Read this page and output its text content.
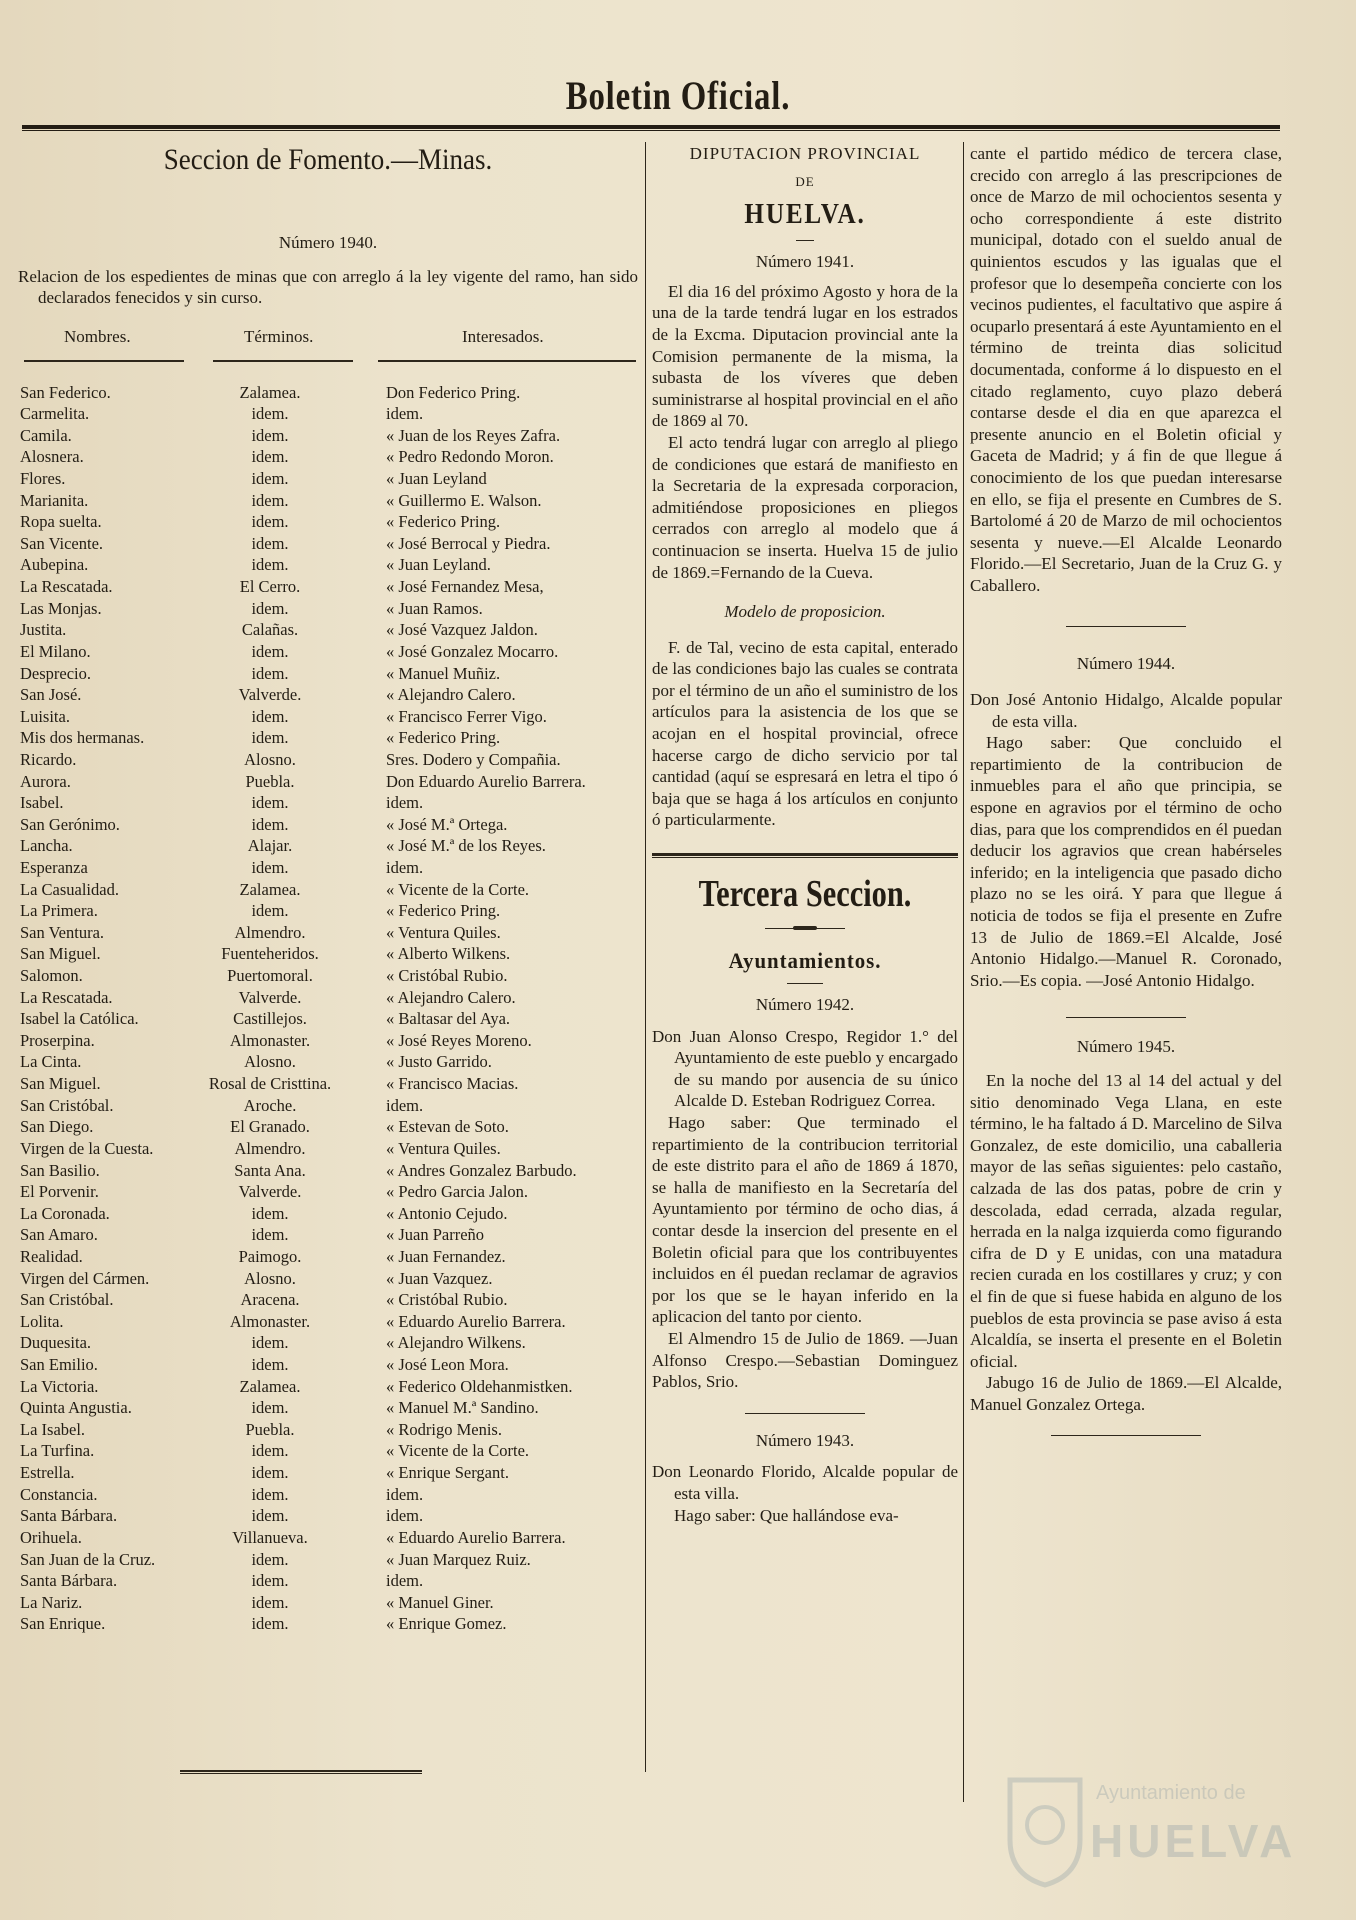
Boletin Oficial.
Seccion de Fomento.—Minas.
Número 1940.
Relacion de los espedientes de minas que con arreglo á la ley vigente del ramo, han sido declarados fenecidos y sin curso.
Nombres.	Términos.	Interesados.
San Federico.	Zalamea.	Don Federico Pring.
Carmelita.	idem.	idem.
Camila.	idem.	« Juan de los Reyes Zafra.
Alosnera.	idem.	« Pedro Redondo Moron.
Flores.	idem.	« Juan Leyland
Marianita.	idem.	« Guillermo E. Walson.
Ropa suelta.	idem.	« Federico Pring.
San Vicente.	idem.	« José Berrocal y Piedra.
Aubepina.	idem.	« Juan Leyland.
La Rescatada.	El Cerro.	« José Fernandez Mesa,
Las Monjas.	idem.	« Juan Ramos.
Justita.	Calañas.	« José Vazquez Jaldon.
El Milano.	idem.	« José Gonzalez Mocarro.
Desprecio.	idem.	« Manuel Muñiz.
San José.	Valverde.	« Alejandro Calero.
Luisita.	idem.	« Francisco Ferrer Vigo.
Mis dos hermanas.	idem.	« Federico Pring.
Ricardo.	Alosno.	Sres. Dodero y Compañia.
Aurora.	Puebla.	Don Eduardo Aurelio Barrera.
Isabel.	idem.	idem.
San Gerónimo.	idem.	« José M.ª Ortega.
Lancha.	Alajar.	« José M.ª de los Reyes.
Esperanza	idem.	idem.
La Casualidad.	Zalamea.	« Vicente de la Corte.
La Primera.	idem.	« Federico Pring.
San Ventura.	Almendro.	« Ventura Quiles.
San Miguel.	Fuenteheridos.	« Alberto Wilkens.
Salomon.	Puertomoral.	« Cristóbal Rubio.
La Rescatada.	Valverde.	« Alejandro Calero.
Isabel la Católica.	Castillejos.	« Baltasar del Aya.
Proserpina.	Almonaster.	« José Reyes Moreno.
La Cinta.	Alosno.	« Justo Garrido.
San Miguel.	Rosal de Cristtina.	« Francisco Macias.
San Cristóbal.	Aroche.	idem.
San Diego.	El Granado.	« Estevan de Soto.
Virgen de la Cuesta.	Almendro.	« Ventura Quiles.
San Basilio.	Santa Ana.	« Andres Gonzalez Barbudo.
El Porvenir.	Valverde.	« Pedro Garcia Jalon.
La Coronada.	idem.	« Antonio Cejudo.
San Amaro.	idem.	« Juan Parreño
Realidad.	Paimogo.	« Juan Fernandez.
Virgen del Cármen.	Alosno.	« Juan Vazquez.
San Cristóbal.	Aracena.	« Cristóbal Rubio.
Lolita.	Almonaster.	« Eduardo Aurelio Barrera.
Duquesita.	idem.	« Alejandro Wilkens.
San Emilio.	idem.	« José Leon Mora.
La Victoria.	Zalamea.	« Federico Oldehanmistken.
Quinta Angustia.	idem.	« Manuel M.ª Sandino.
La Isabel.	Puebla.	« Rodrigo Menis.
La Turfina.	idem.	« Vicente de la Corte.
Estrella.	idem.	« Enrique Sergant.
Constancia.	idem.	idem.
Santa Bárbara.	idem.	idem.
Orihuela.	Villanueva.	« Eduardo Aurelio Barrera.
San Juan de la Cruz.	idem.	« Juan Marquez Ruiz.
Santa Bárbara.	idem.	idem.
La Nariz.	idem.	« Manuel Giner.
San Enrique.	idem.	« Enrique Gomez.
DIPUTACION PROVINCIAL
DE
HUELVA.
Número 1941.

El dia 16 del próximo Agosto y hora de la una de la tarde tendrá lugar en los estrados de la Excma. Diputacion provincial ante la Comision permanente de la misma, la subasta de los víveres que deben suministrarse al hospital provincial en el año de 1869 al 70.

El acto tendrá lugar con arreglo al pliego de condiciones que estará de manifiesto en la Secretaria de la expresada corporacion, admitiéndose proposiciones en pliegos cerrados con arreglo al modelo que á continuacion se inserta. Huelva 15 de julio de 1869.=Fernando de la Cueva.

Modelo de proposicion.

F. de Tal, vecino de esta capital, enterado de las condiciones bajo las cuales se contrata por el término de un año el suministro de los artículos para la asistencia de los que se acojan en el hospital provincial, ofrece hacerse cargo de dicho servicio por tal cantidad (aquí se espresará en letra el tipo ó baja que se haga á los artículos en conjunto ó particularmente.

Tercera Seccion.
Ayuntamientos.
Número 1942.

Don Juan Alonso Crespo, Regidor 1.° del Ayuntamiento de este pueblo y encargado de su mando por ausencia de su único Alcalde D. Esteban Rodriguez Correa.

Hago saber: Que terminado el repartimiento de la contribucion territorial de este distrito para el año de 1869 á 1870, se halla de manifiesto en la Secretaría del Ayuntamiento por término de ocho dias, á contar desde la insercion del presente en el Boletin oficial para que los contribuyentes incluidos en él puedan reclamar de agravios por los que se le hayan inferido en la aplicacion del tanto por ciento.

El Almendro 15 de Julio de 1869. —Juan Alfonso Crespo.—Sebastian Dominguez Pablos, Srio.

Número 1943.

Don Leonardo Florido, Alcalde popular de esta villa.

Hago saber: Que hallándose eva-

cante el partido médico de tercera clase, crecido con arreglo á las prescripciones de once de Marzo de mil ochocientos sesenta y ocho correspondiente á este distrito municipal, dotado con el sueldo anual de quinientos escudos y las igualas que el profesor que lo desempeña concierte con los vecinos pudientes, el facultativo que aspire á ocuparlo presentará á este Ayuntamiento en el término de treinta dias solicitud documentada, conforme á lo dispuesto en el citado reglamento, cuyo plazo deberá contarse desde el dia en que aparezca el presente anuncio en el Boletin oficial y Gaceta de Madrid; y á fin de que llegue á conocimiento de los que puedan interesarse en ello, se fija el presente en Cumbres de S. Bartolomé á 20 de Marzo de mil ochocientos sesenta y nueve.—El Alcalde Leonardo Florido.—El Secretario, Juan de la Cruz G. y Caballero.

Número 1944.

Don José Antonio Hidalgo, Alcalde popular de esta villa.

Hago saber: Que concluido el repartimiento de la contribucion de inmuebles para el año que principia, se espone en agravios por el término de ocho dias, para que los comprendidos en él puedan deducir los agravios que crean habérseles inferido; en la inteligencia que pasado dicho plazo no se les oirá. Y para que llegue á noticia de todos se fija el presente en Zufre 13 de Julio de 1869.=El Alcalde, José Antonio Hidalgo.—Manuel R. Coronado, Srio.—Es copia. —José Antonio Hidalgo.

Número 1945.

En la noche del 13 al 14 del actual y del sitio denominado Vega Llana, en este término, le ha faltado á D. Marcelino de Silva Gonzalez, de este domicilio, una caballeria mayor de las señas siguientes: pelo castaño, calzada de las dos patas, pobre de crin y descolada, edad cerrada, alzada regular, herrada en la nalga izquierda como figurando cifra de D y E unidas, con una matadura recien curada en los costillares y cruz; y con el fin de que si fuese habida en alguno de los pueblos de esta provincia se pase aviso á esta Alcaldía, se inserta el presente en el Boletin oficial.

Jabugo 16 de Julio de 1869.—El Alcalde, Manuel Gonzalez Ortega.

Ayuntamiento de
HUELVA
